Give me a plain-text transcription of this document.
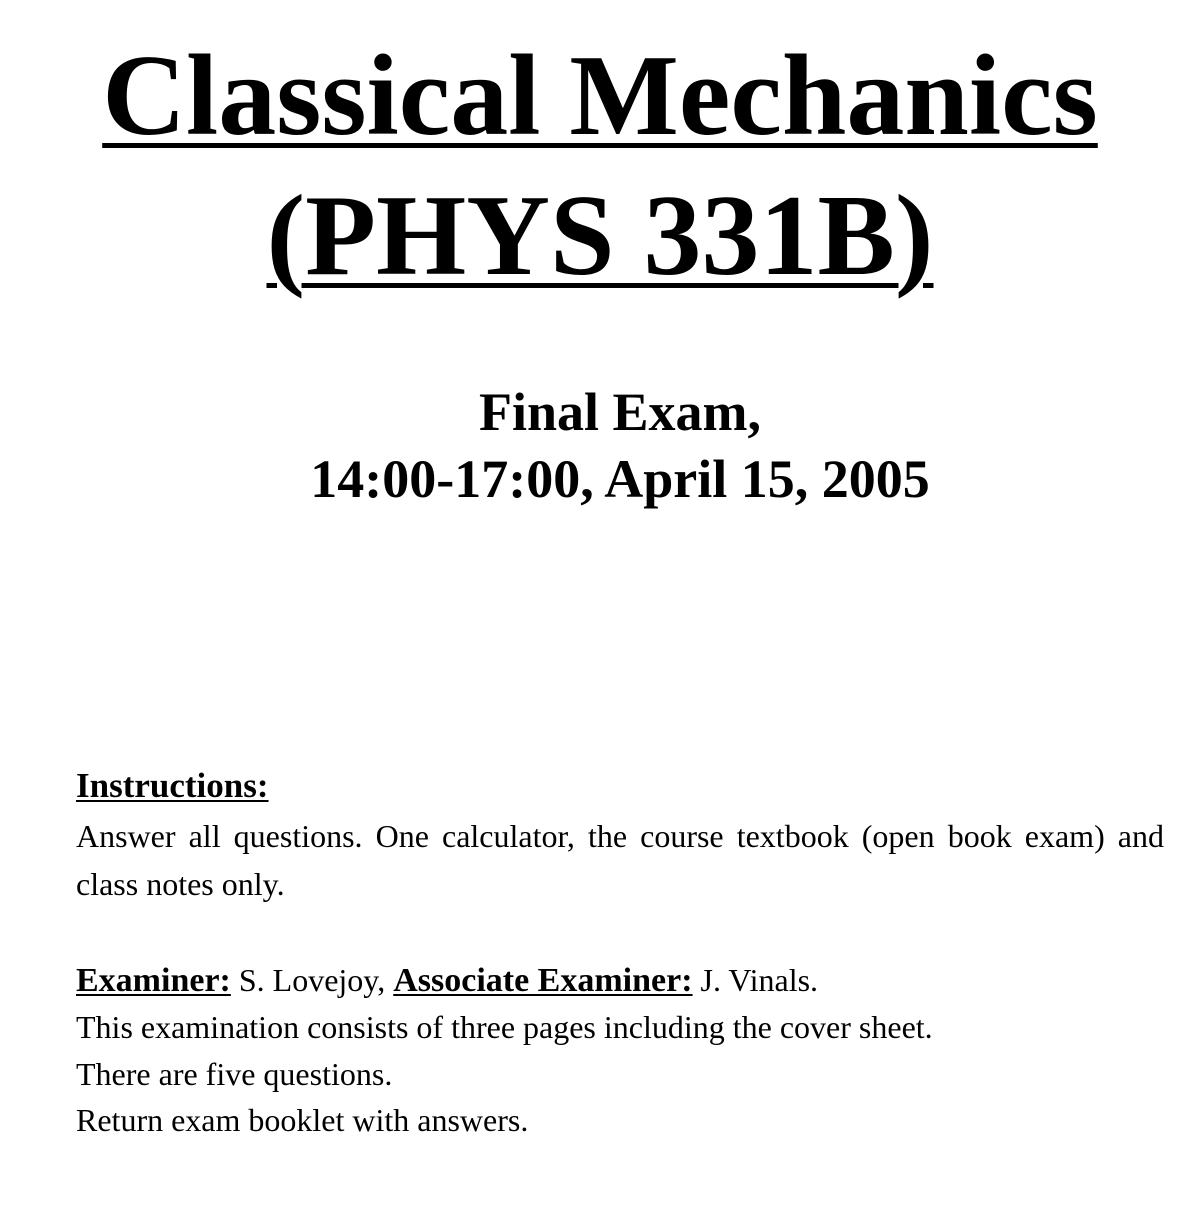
Classical Mechanics
(PHYS 331B)
Final Exam,
14:00-17:00, April 15, 2005
Instructions:
Answer all questions. One calculator, the course textbook (open book exam) and class notes only.
Examiner: S. Lovejoy, Associate Examiner: J. Vinals.
This examination consists of three pages including the cover sheet.
There are five questions.
Return exam booklet with answers.
